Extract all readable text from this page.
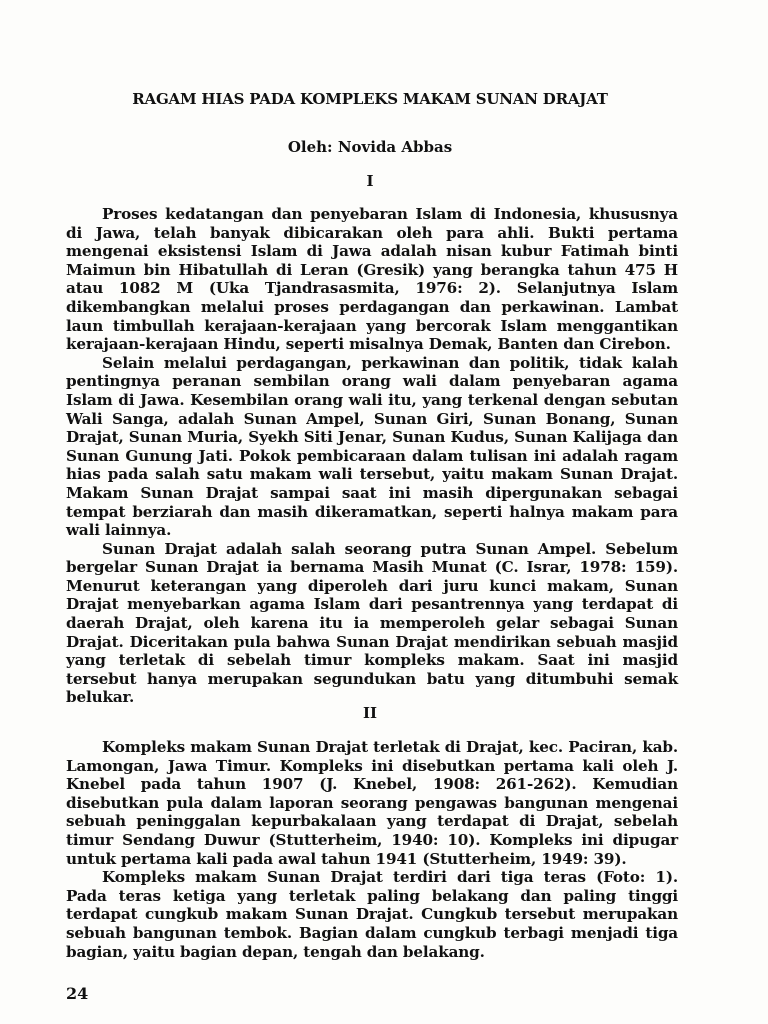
RAGAM HIAS PADA KOMPLEKS MAKAM SUNAN DRAJAT
Oleh: Novida Abbas
I

Proses kedatangan dan penyebaran Islam di Indonesia, khususnya di Jawa, telah banyak dibicarakan oleh para ahli. Bukti pertama mengenai eksistensi Islam di Jawa adalah nisan kubur Fatimah binti Maimun bin Hibatullah di Leran (Gresik) yang berangka tahun 475 H atau 1082 M (Uka Tjandrasasmita, 1976: 2). Selanjutnya Islam dikembangkan melalui proses perdagangan dan perkawinan. Lambat laun timbullah kerajaan-kerajaan yang bercorak Islam menggantikan kerajaan-kerajaan Hindu, seperti misalnya Demak, Banten dan Cirebon.

Selain melalui perdagangan, perkawinan dan politik, tidak kalah pentingnya peranan sembilan orang wali dalam penyebaran agama Islam di Jawa. Kesembilan orang wali itu, yang terkenal dengan sebutan Wali Sanga, adalah Sunan Ampel, Sunan Giri, Sunan Bonang, Sunan Drajat, Sunan Muria, Syekh Siti Jenar, Sunan Kudus, Sunan Kalijaga dan Sunan Gunung Jati. Pokok pembicaraan dalam tulisan ini adalah ragam hias pada salah satu makam wali tersebut, yaitu makam Sunan Drajat. Makam Sunan Drajat sampai saat ini masih dipergunakan sebagai tempat berziarah dan masih dikeramatkan, seperti halnya makam para wali lainnya.

Sunan Drajat adalah salah seorang putra Sunan Ampel. Sebelum bergelar Sunan Drajat ia bernama Masih Munat (C. Israr, 1978: 159). Menurut keterangan yang diperoleh dari juru kunci makam, Sunan Drajat menyebarkan agama Islam dari pesantrennya yang terdapat di daerah Drajat, oleh karena itu ia memperoleh gelar sebagai Sunan Drajat. Diceritakan pula bahwa Sunan Drajat mendirikan sebuah masjid yang terletak di sebelah timur kompleks makam. Saat ini masjid tersebut hanya merupakan segundukan batu yang ditumbuhi semak belukar.

II

Kompleks makam Sunan Drajat terletak di Drajat, kec. Paciran, kab. Lamongan, Jawa Timur. Kompleks ini disebutkan pertama kali oleh J. Knebel pada tahun 1907 (J. Knebel, 1908: 261-262). Kemudian disebutkan pula dalam laporan seorang pengawas bangunan mengenai sebuah peninggalan kepurbakalaan yang terdapat di Drajat, sebelah timur Sendang Duwur (Stutterheim, 1940: 10). Kompleks ini dipugar untuk pertama kali pada awal tahun 1941 (Stutterheim, 1949: 39).

Kompleks makam Sunan Drajat terdiri dari tiga teras (Foto: 1). Pada teras ketiga yang terletak paling belakang dan paling tinggi terdapat cungkub makam Sunan Drajat. Cungkub tersebut merupakan sebuah bangunan tembok. Bagian dalam cungkub terbagi menjadi tiga bagian, yaitu bagian depan, tengah dan belakang.

24
